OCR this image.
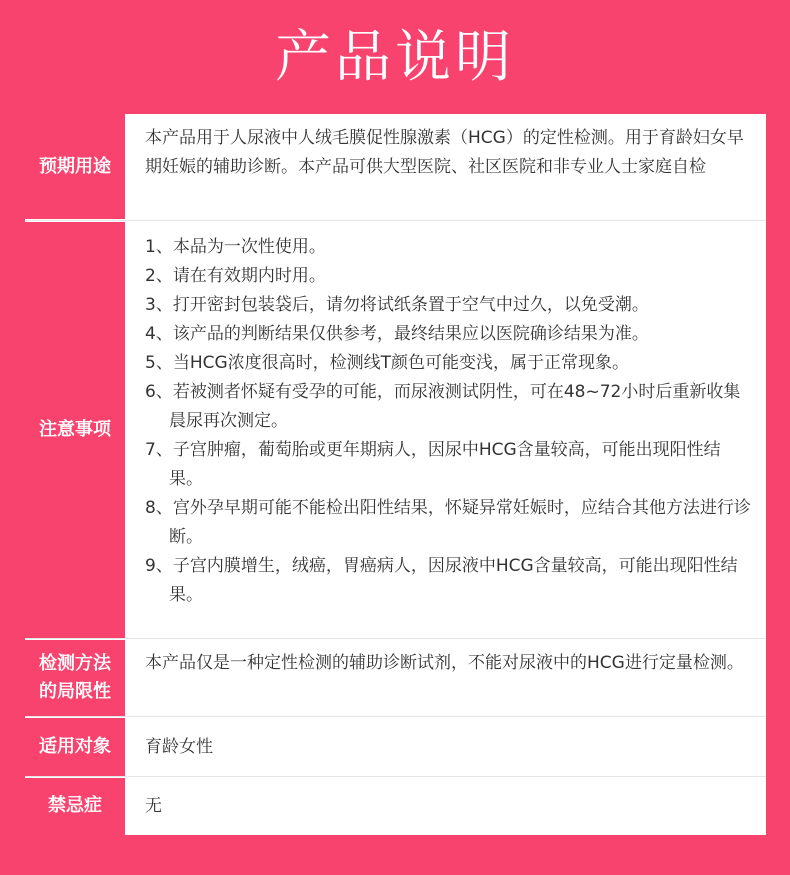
产品说明
预期用途
本产品用于人尿液中人绒毛膜促性腺激素（HCG）的定性检测。用于育龄妇女早期妊娠的辅助诊断。本产品可供大型医院、社区医院和非专业人士家庭自检
注意事项
1、本品为一次性使用。
2、请在有效期内时用。
3、打开密封包装袋后，请勿将试纸条置于空气中过久，以免受潮。
4、该产品的判断结果仅供参考，最终结果应以医院确诊结果为准。
5、当HCG浓度很高时，检测线T颜色可能变浅，属于正常现象。
6、若被测者怀疑有受孕的可能，而尿液测试阴性，可在48~72小时后重新收集晨尿再次测定。
7、子宫肿瘤，葡萄胎或更年期病人，因尿中HCG含量较高，可能出现阳性结果。
8、宫外孕早期可能不能检出阳性结果，怀疑异常妊娠时，应结合其他方法进行诊断。
9、子宫内膜增生，绒癌，胃癌病人，因尿液中HCG含量较高，可能出现阳性结果。
检测方法
的局限性
本产品仅是一种定性检测的辅助诊断试剂，不能对尿液中的HCG进行定量检测。
适用对象	育龄女性
禁忌症	无
